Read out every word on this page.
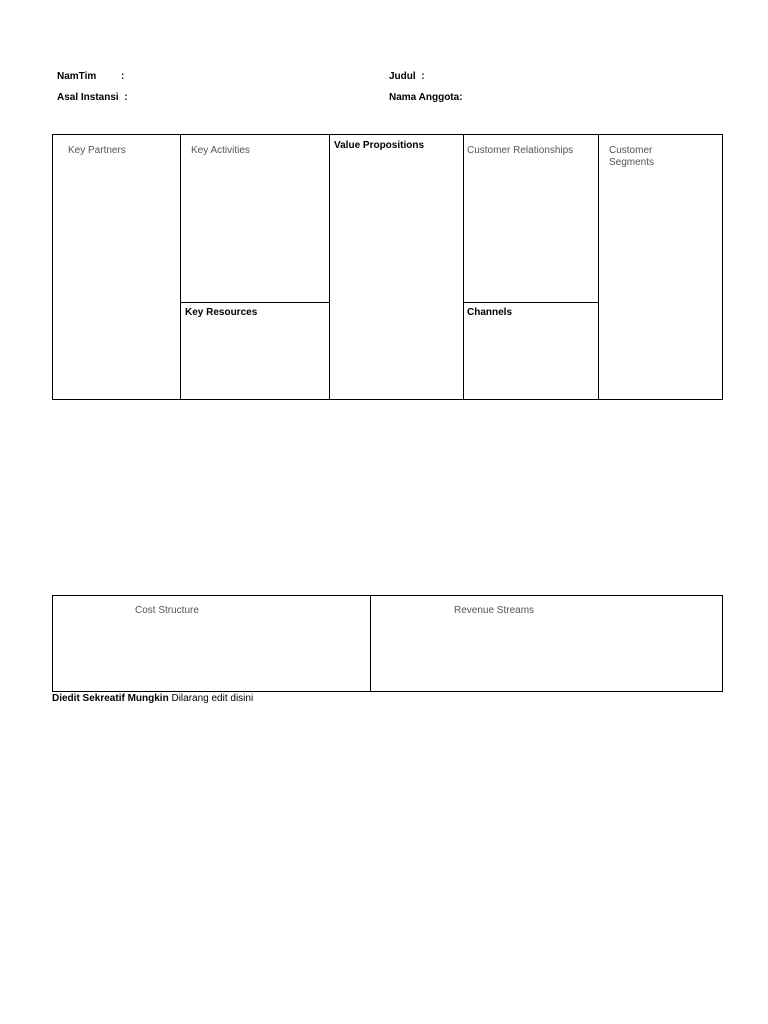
NamTim :
Asal Instansi  :
Judul  :
Nama Anggota:
Key Partners	Key Activities
Key Resources
Value Propositions	Customer Relationships
Channels
Customer
Segments
Cost Structure	Revenue Streams
Diedit Sekreatif Mungkin Dilarang edit disini
